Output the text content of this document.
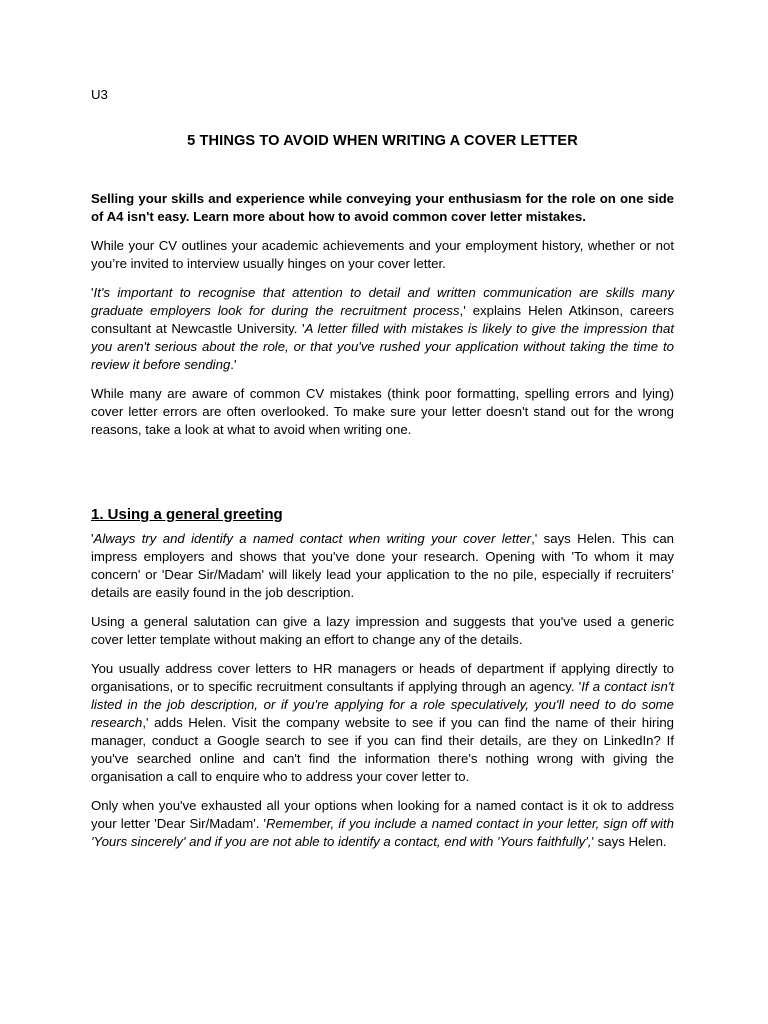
U3
5 THINGS TO AVOID WHEN WRITING A COVER LETTER

Selling your skills and experience while conveying your enthusiasm for the role on one side of A4 isn't easy. Learn more about how to avoid common cover letter mistakes.

While your CV outlines your academic achievements and your employment history, whether or not you’re invited to interview usually hinges on your cover letter.

'It's important to recognise that attention to detail and written communication are skills many graduate employers look for during the recruitment process,' explains Helen Atkinson, careers consultant at Newcastle University. 'A letter filled with mistakes is likely to give the impression that you aren't serious about the role, or that you've rushed your application without taking the time to review it before sending.'

While many are aware of common CV mistakes (think poor formatting, spelling errors and lying) cover letter errors are often overlooked. To make sure your letter doesn't stand out for the wrong reasons, take a look at what to avoid when writing one.

1. Using a general greeting

'Always try and identify a named contact when writing your cover letter,' says Helen. This can impress employers and shows that you've done your research. Opening with 'To whom it may concern' or 'Dear Sir/Madam' will likely lead your application to the no pile, especially if recruiters’ details are easily found in the job description.

Using a general salutation can give a lazy impression and suggests that you've used a generic cover letter template without making an effort to change any of the details.

You usually address cover letters to HR managers or heads of department if applying directly to organisations, or to specific recruitment consultants if applying through an agency. 'If a contact isn't listed in the job description, or if you're applying for a role speculatively, you'll need to do some research,' adds Helen. Visit the company website to see if you can find the name of their hiring manager, conduct a Google search to see if you can find their details, are they on LinkedIn? If you've searched online and can't find the information there's nothing wrong with giving the organisation a call to enquire who to address your cover letter to.

Only when you've exhausted all your options when looking for a named contact is it ok to address your letter 'Dear Sir/Madam'. 'Remember, if you include a named contact in your letter, sign off with 'Yours sincerely' and if you are not able to identify a contact, end with 'Yours faithfully',' says Helen.
